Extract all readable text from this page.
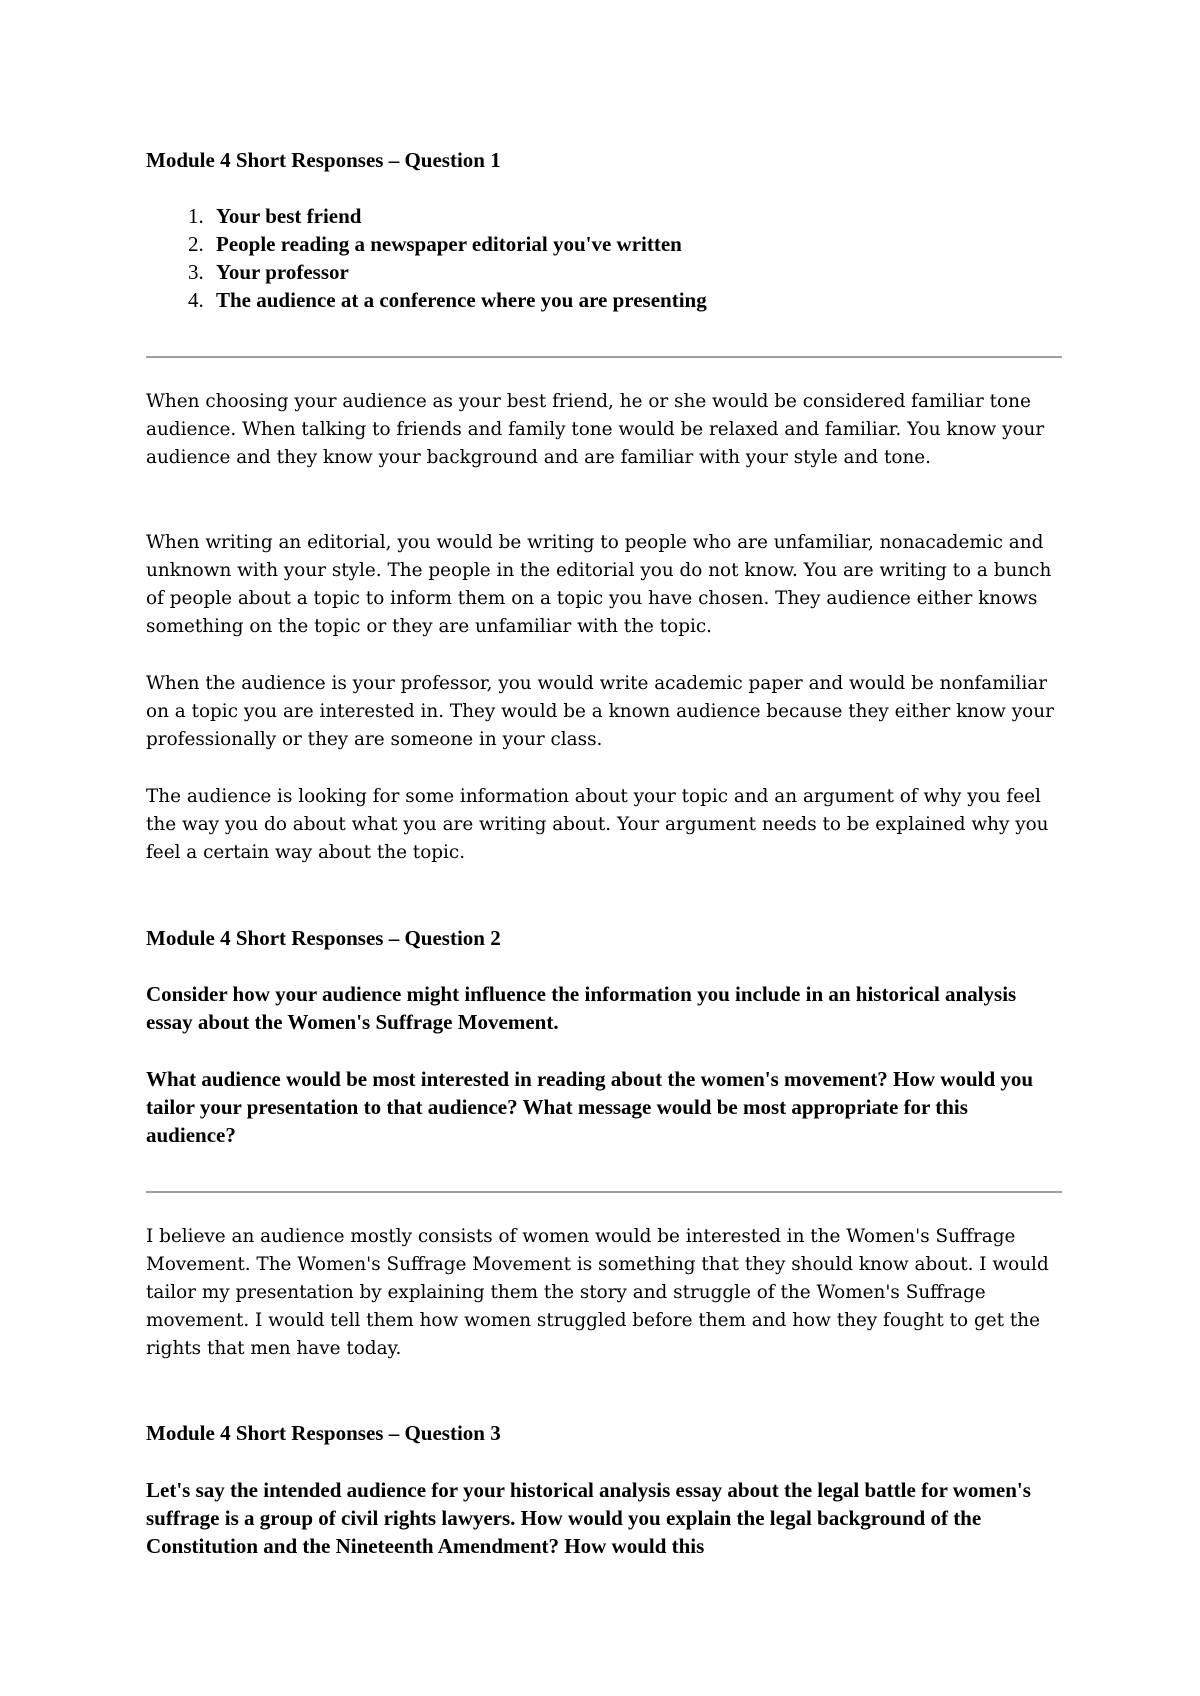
Module 4 Short Responses – Question 1
1. Your best friend
2. People reading a newspaper editorial you've written
3. Your professor
4. The audience at a conference where you are presenting

When choosing your audience as your best friend, he or she would be considered familiar tone audience. When talking to friends and family tone would be relaxed and familiar. You know your audience and they know your background and are familiar with your style and tone.

When writing an editorial, you would be writing to people who are unfamiliar, nonacademic and unknown with your style. The people in the editorial you do not know. You are writing to a bunch of people about a topic to inform them on a topic you have chosen. They audience either knows something on the topic or they are unfamiliar with the topic.

When the audience is your professor, you would write academic paper and would be nonfamiliar on a topic you are interested in. They would be a known audience because they either know your professionally or they are someone in your class.

The audience is looking for some information about your topic and an argument of why you feel the way you do about what you are writing about. Your argument needs to be explained why you feel a certain way about the topic.

Module 4 Short Responses – Question 2

Consider how your audience might influence the information you include in an historical analysis essay about the Women's Suffrage Movement.

What audience would be most interested in reading about the women's movement? How would you tailor your presentation to that audience? What message would be most appropriate for this audience?

I believe an audience mostly consists of women would be interested in the Women's Suffrage Movement. The Women's Suffrage Movement is something that they should know about. I would tailor my presentation by explaining them the story and struggle of the Women's Suffrage movement. I would tell them how women struggled before them and how they fought to get the rights that men have today.

Module 4 Short Responses – Question 3

Let's say the intended audience for your historical analysis essay about the legal battle for women's suffrage is a group of civil rights lawyers. How would you explain the legal background of the Constitution and the Nineteenth Amendment? How would this
